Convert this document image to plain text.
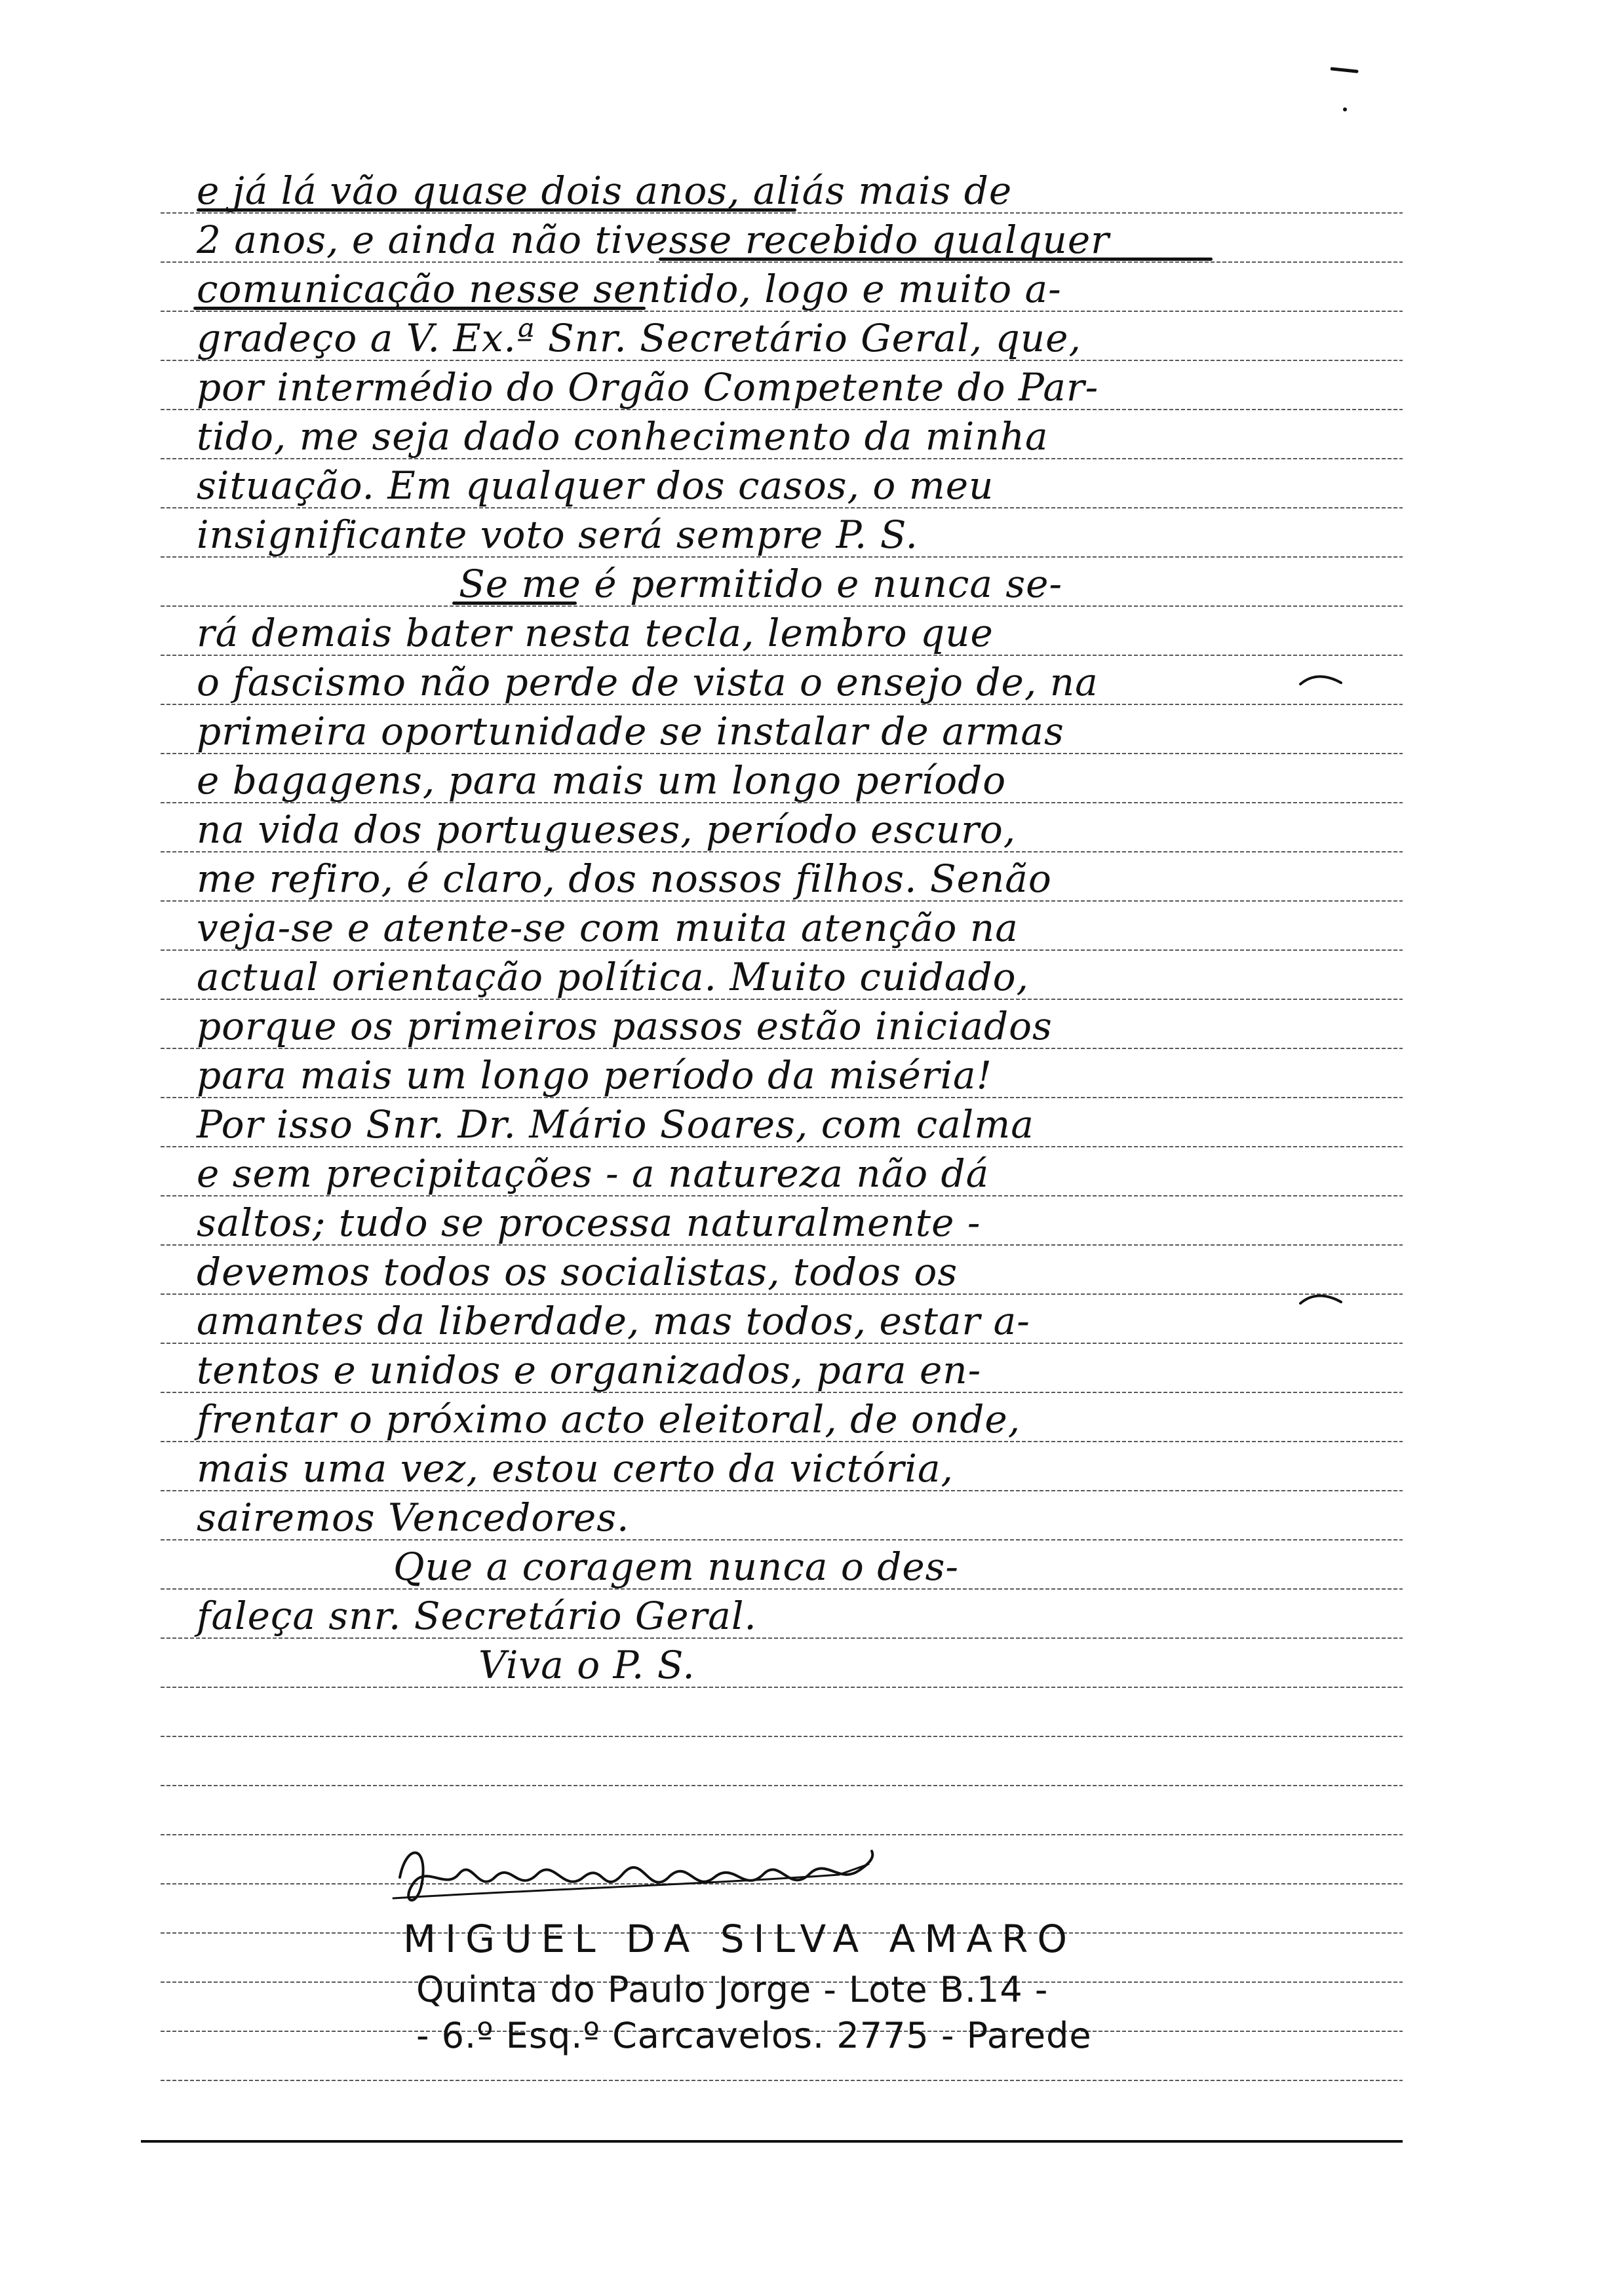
e já lá vão quase dois anos, aliás mais de
2 anos, e ainda não tivesse recebido qualquer
comunicação nesse sentido, logo e muito a-
gradeço a V. Ex.ª Snr. Secretário Geral, que,
por intermédio do Orgão Competente do Par-
tido, me seja dado conhecimento da minha
situação. Em qualquer dos casos, o meu
insignificante voto será sempre P. S.
Se me é permitido e nunca se-
rá demais bater nesta tecla, lembro que
o fascismo não perde de vista o ensejo de, na
primeira oportunidade se instalar de armas
e bagagens, para mais um longo período
na vida dos portugueses, período escuro,
me refiro, é claro, dos nossos filhos. Senão
veja-se e atente-se com muita atenção na
actual orientação política. Muito cuidado,
porque os primeiros passos estão iniciados
para mais um longo período da miséria!
Por isso Snr. Dr. Mário Soares, com calma
e sem precipitações - a natureza não dá
saltos; tudo se processa naturalmente -
devemos todos os socialistas, todos os
amantes da liberdade, mas todos, estar a-
tentos e unidos e organizados, para en-
frentar o próximo acto eleitoral, de onde,
mais uma vez, estou certo da victória,
sairemos Vencedores.
Que a coragem nunca o des-
faleça snr. Secretário Geral.
Viva o P. S.
MIGUEL DA SILVA AMARO
Quinta do Paulo Jorge - Lote B.14 -
- 6.º Esq.º Carcavelos. 2775 - Parede
